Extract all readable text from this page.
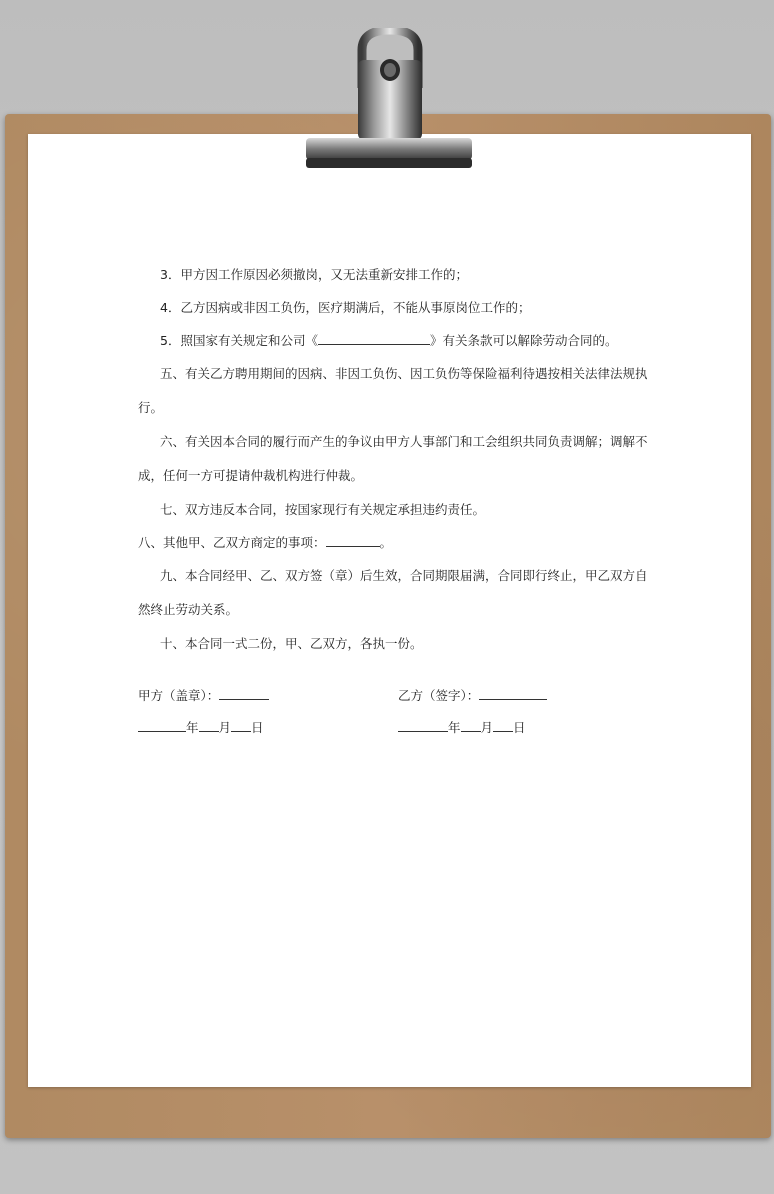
3．甲方因工作原因必须撤岗，又无法重新安排工作的；

4．乙方因病或非因工负伤，医疗期满后，不能从事原岗位工作的；

5．照国家有关规定和公司《	》有关条款可以解除劳动合同的。

五、有关乙方聘用期间的因病、非因工负伤、因工负伤等保险福利待遇按相关法律法规执行。

六、有关因本合同的履行而产生的争议由甲方人事部门和工会组织共同负责调解；调解不成，任何一方可提请仲裁机构进行仲裁。

七、双方违反本合同，按国家现行有关规定承担违约责任。

八、其他甲、乙双方商定的事项：	。

九、本合同经甲、乙、双方签（章）后生效，合同期限届满，合同即行终止，甲乙双方自然终止劳动关系。

十、本合同一式二份，甲、乙双方，各执一份。

甲方（盖章）：	乙方（签字）：
年 月 日	年 月 日
